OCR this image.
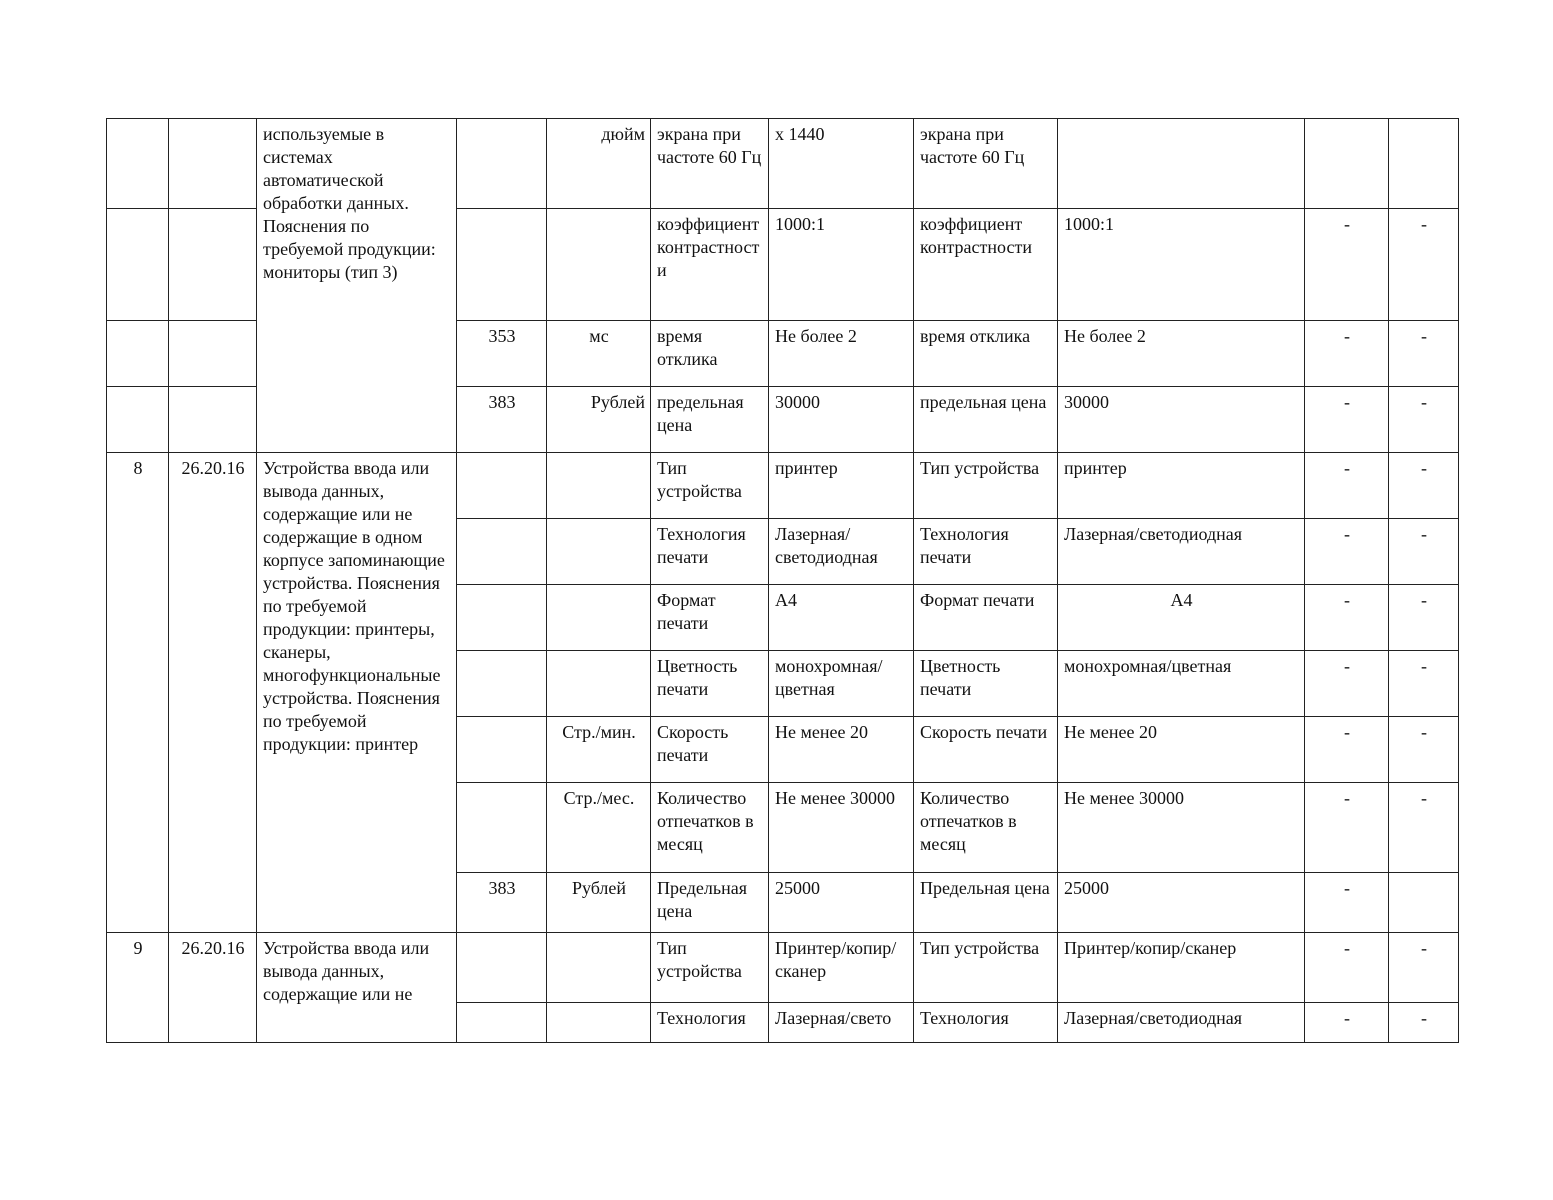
		используемые в системах автоматической обработки данных. Пояснения по требуемой продукции: мониторы (тип 3)		дюйм	экрана при частоте 60 Гц	x 1440	экрана при частоте 60 Гц			
					коэффициент контрастности	1000:1	коэффициент контрастности	1000:1	-	-
			353	мс	время отклика	Не более 2	время отклика	Не более 2	-	-
			383	Рублей	предельная цена	30000	предельная цена	30000	-	-
8	26.20.16	Устройства ввода или вывода данных, содержащие или не содержащие в одном корпусе запоминающие устройства. Пояснения по требуемой продукции: принтеры, сканеры, многофункциональные устройства. Пояснения по требуемой продукции: принтер			Тип устройства	принтер	Тип устройства	принтер	-	-
					Технология печати	Лазерная/светодиодная	Технология печати	Лазерная/светодиодная	-	-
					Формат печати	A4	Формат печати	A4	-	-
					Цветность печати	монохромная/цветная	Цветность печати	монохромная/цветная	-	-
				Стр./мин.	Скорость печати	Не менее 20	Скорость печати	Не менее 20	-	-
				Стр./мес.	Количество отпечатков в месяц	Не менее 30000	Количество отпечатков в месяц	Не менее 30000	-	-
			383	Рублей	Предельная цена	25000	Предельная цена	25000	-	
9	26.20.16	Устройства ввода или вывода данных, содержащие или не			Тип устройства	Принтер/копир/сканер	Тип устройства	Принтер/копир/сканер	-	-
					Технология	Лазерная/свето	Технология	Лазерная/светодиодная	-	-
